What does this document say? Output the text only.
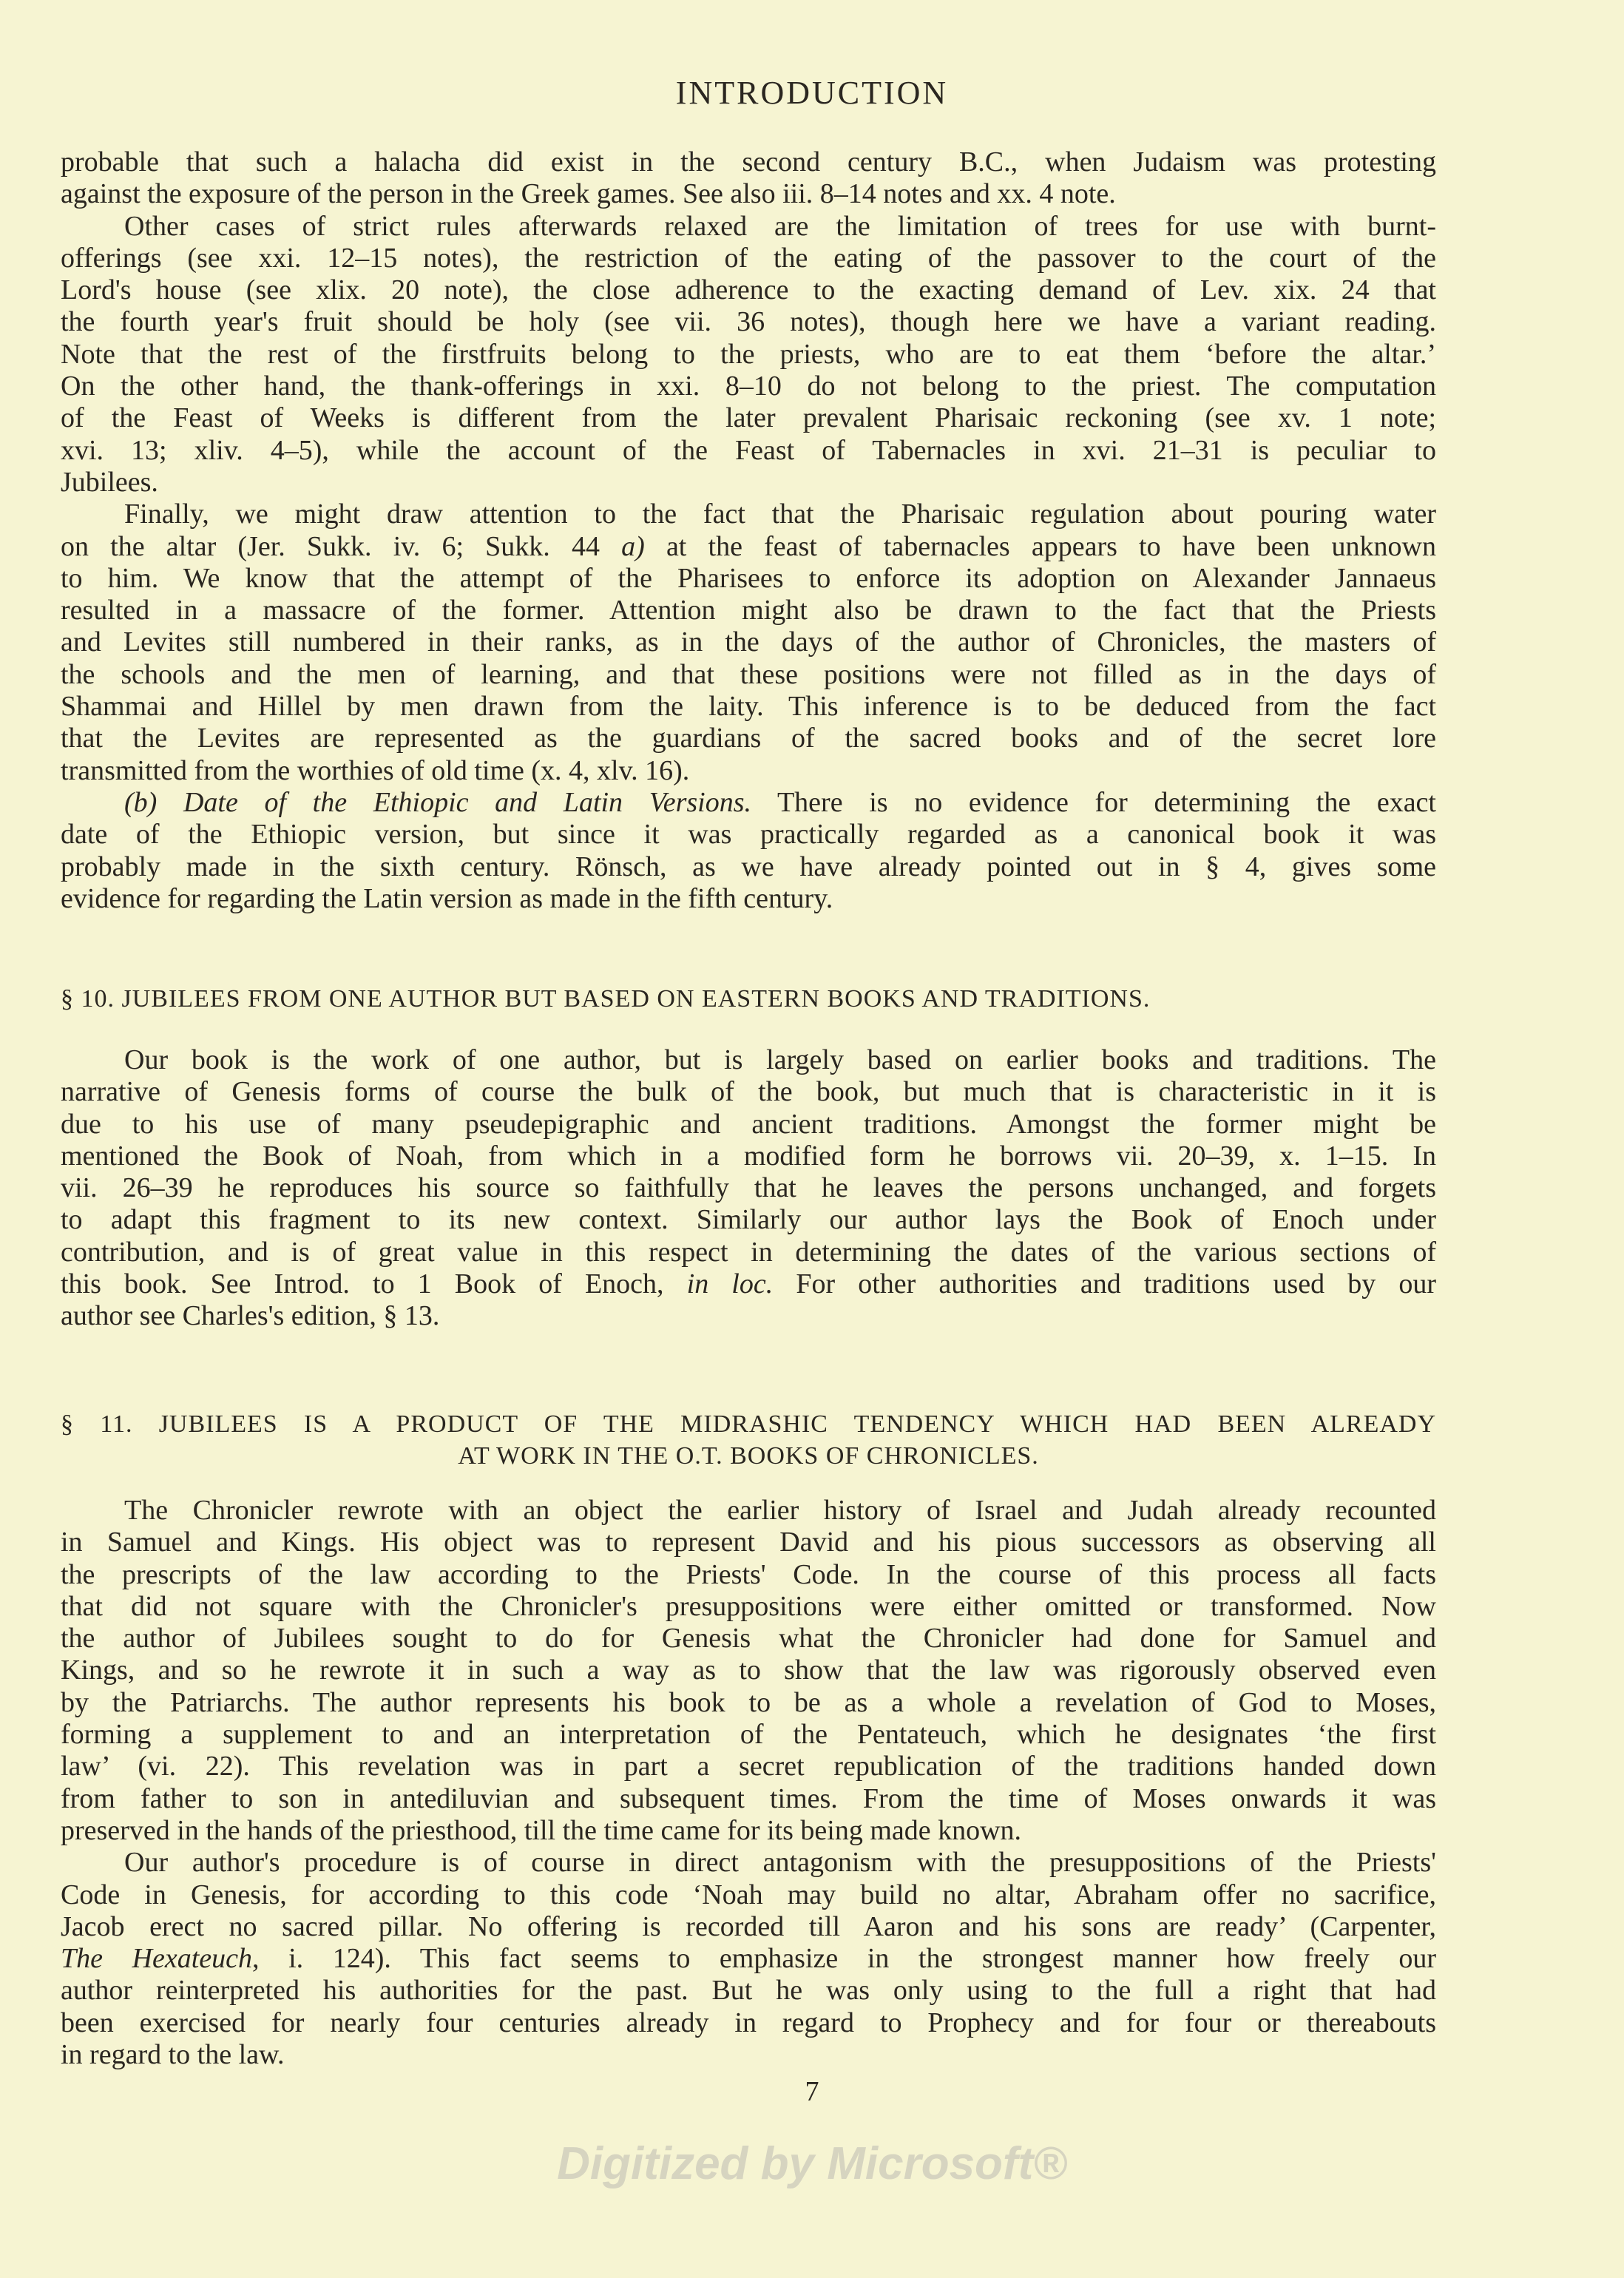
INTRODUCTION
probable that such a halacha did exist in the second century B.C., when Judaism was protesting
against the exposure of the person in the Greek games. See also iii. 8–14 notes and xx. 4 note.
Other cases of strict rules afterwards relaxed are the limitation of trees for use with burnt-
offerings (see xxi. 12–15 notes), the restriction of the eating of the passover to the court of the
Lord's house (see xlix. 20 note), the close adherence to the exacting demand of Lev. xix. 24 that
the fourth year's fruit should be holy (see vii. 36 notes), though here we have a variant reading.
Note that the rest of the firstfruits belong to the priests, who are to eat them ‘before the altar.’
On the other hand, the thank-offerings in xxi. 8–10 do not belong to the priest. The computation
of the Feast of Weeks is different from the later prevalent Pharisaic reckoning (see xv. 1 note;
xvi. 13; xliv. 4–5), while the account of the Feast of Tabernacles in xvi. 21–31 is peculiar to
Jubilees.
Finally, we might draw attention to the fact that the Pharisaic regulation about pouring water
on the altar (Jer. Sukk. iv. 6; Sukk. 44 a) at the feast of tabernacles appears to have been unknown
to him. We know that the attempt of the Pharisees to enforce its adoption on Alexander Jannaeus
resulted in a massacre of the former. Attention might also be drawn to the fact that the Priests
and Levites still numbered in their ranks, as in the days of the author of Chronicles, the masters of
the schools and the men of learning, and that these positions were not filled as in the days of
Shammai and Hillel by men drawn from the laity. This inference is to be deduced from the fact
that the Levites are represented as the guardians of the sacred books and of the secret lore
transmitted from the worthies of old time (x. 4, xlv. 16).
(b) Date of the Ethiopic and Latin Versions. There is no evidence for determining the exact
date of the Ethiopic version, but since it was practically regarded as a canonical book it was
probably made in the sixth century. Rönsch, as we have already pointed out in § 4, gives some
evidence for regarding the Latin version as made in the fifth century.
§ 10. JUBILEES FROM ONE AUTHOR BUT BASED ON EASTERN BOOKS AND TRADITIONS.
Our book is the work of one author, but is largely based on earlier books and traditions. The
narrative of Genesis forms of course the bulk of the book, but much that is characteristic in it is
due to his use of many pseudepigraphic and ancient traditions. Amongst the former might be
mentioned the Book of Noah, from which in a modified form he borrows vii. 20–39, x. 1–15. In
vii. 26–39 he reproduces his source so faithfully that he leaves the persons unchanged, and forgets
to adapt this fragment to its new context. Similarly our author lays the Book of Enoch under
contribution, and is of great value in this respect in determining the dates of the various sections of
this book. See Introd. to 1 Book of Enoch, in loc. For other authorities and traditions used by our
author see Charles's edition, § 13.
§ 11. JUBILEES IS A PRODUCT OF THE MIDRASHIC TENDENCY WHICH HAD BEEN ALREADY
AT WORK IN THE O.T. BOOKS OF CHRONICLES.
The Chronicler rewrote with an object the earlier history of Israel and Judah already recounted
in Samuel and Kings. His object was to represent David and his pious successors as observing all
the prescripts of the law according to the Priests' Code. In the course of this process all facts
that did not square with the Chronicler's presuppositions were either omitted or transformed. Now
the author of Jubilees sought to do for Genesis what the Chronicler had done for Samuel and
Kings, and so he rewrote it in such a way as to show that the law was rigorously observed even
by the Patriarchs. The author represents his book to be as a whole a revelation of God to Moses,
forming a supplement to and an interpretation of the Pentateuch, which he designates ‘the first
law’ (vi. 22). This revelation was in part a secret republication of the traditions handed down
from father to son in antediluvian and subsequent times. From the time of Moses onwards it was
preserved in the hands of the priesthood, till the time came for its being made known.
Our author's procedure is of course in direct antagonism with the presuppositions of the Priests'
Code in Genesis, for according to this code ‘Noah may build no altar, Abraham offer no sacrifice,
Jacob erect no sacred pillar. No offering is recorded till Aaron and his sons are ready’ (Carpenter,
The Hexateuch, i. 124). This fact seems to emphasize in the strongest manner how freely our
author reinterpreted his authorities for the past. But he was only using to the full a right that had
been exercised for nearly four centuries already in regard to Prophecy and for four or thereabouts
in regard to the law.
7
Digitized by Microsoft®
